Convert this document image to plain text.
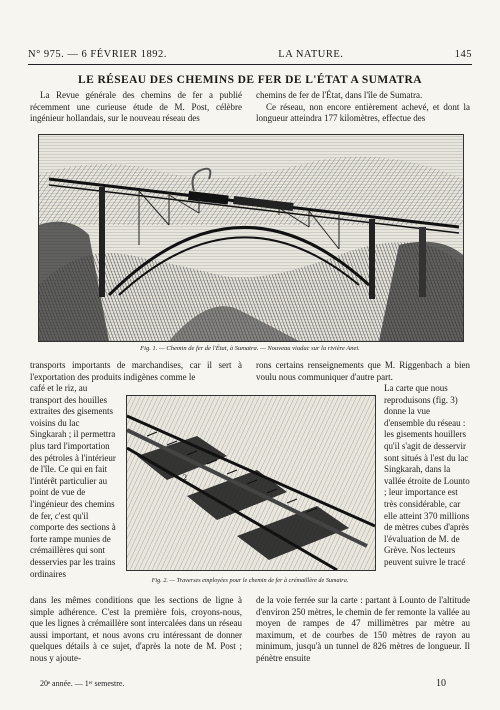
N° 975. — 6 FÉVRIER 1892.	LA NATURE.	145
LE RÉSEAU DES CHEMINS DE FER DE L'ÉTAT A SUMATRA
La Revue générale des chemins de fer a publié récemment une curieuse étude de M. Post, célèbre ingénieur hollandais, sur le nouveau réseau des
chemins de fer de l'État, dans l'île de Sumatra.
Ce réseau, non encore entièrement achevé, et dont la longueur atteindra 177 kilomètres, effectue des
Fig. 1. — Chemin de fer de l'État, à Sumatra. — Nouveau viaduc sur la rivière Anei.
transports importants de marchandises, car il sert à l'exportation des produits indigènes comme le
rons certains renseignements que M. Riggenbach a bien voulu nous communiquer d'autre part.
café et le riz, au transport des houilles extraites des gisements voisins du lac Singkarah ; il permettra plus tard l'importation des pétroles à l'intérieur de l'île. Ce qui en fait l'intérêt particulier au point de vue de l'ingénieur des chemins de fer, c'est qu'il comporte des sections à forte rampe munies de crémaillères qui sont desservies par les trains ordinaires
La carte que nous reproduisons (fig. 3) donne la vue d'ensemble du réseau : les gisements houillers qu'il s'agit de desservir sont situés à l'est du lac Singkarah, dans la vallée étroite de Lounto ; leur importance est très considérable, car elle atteint 370 millions de mètres cubes d'après l'évaluation de M. de Grève. Nos lecteurs peuvent suivre le tracé
2
Fig. 2. — Traverses employées pour le chemin de fer à crémaillère de Sumatra.
dans les mêmes conditions que les sections de ligne à simple adhérence. C'est la première fois, croyons-nous, que les lignes à crémaillère sont intercalées dans un réseau aussi important, et nous avons cru intéressant de donner quelques détails à ce sujet, d'après la note de M. Post ; nous y ajoute-
de la voie ferrée sur la carte : partant à Lounto de l'altitude d'environ 250 mètres, le chemin de fer remonte la vallée au moyen de rampes de 47 millimètres par mètre au maximum, et de courbes de 150 mètres de rayon au minimum, jusqu'à un tunnel de 826 mètres de longueur. Il pénètre ensuite
20ᵉ année. — 1ᵉʳ semestre.	10
